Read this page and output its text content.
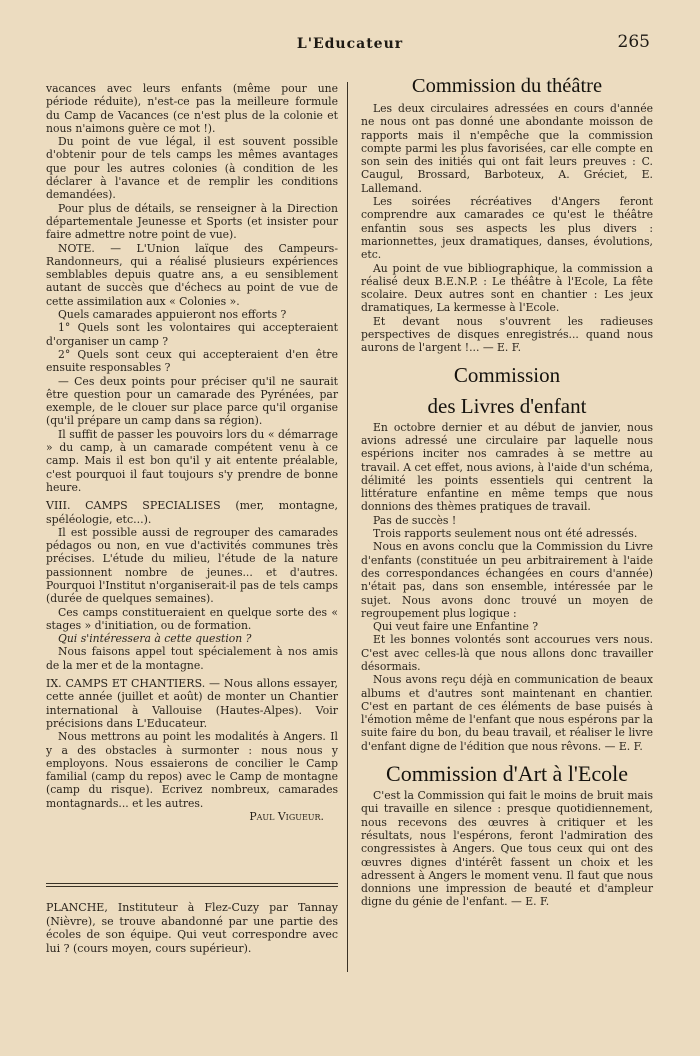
L'Educateur	265

vacances avec leurs enfants (même pour une période réduite), n'est-ce pas la meilleure formule du Camp de Vacances (ce n'est plus de la colonie et nous n'aimons guère ce mot !).

Du point de vue légal, il est souvent possible d'obtenir pour de tels camps les mêmes avantages que pour les autres colonies (à condition de les déclarer à l'avance et de remplir les conditions demandées).

Pour plus de détails, se renseigner à la Direction départementale Jeunesse et Sports (et insister pour faire admettre notre point de vue).

NOTE. — L'Union laïque des Campeurs-Randonneurs, qui a réalisé plusieurs expériences semblables depuis quatre ans, a eu sensiblement autant de succès que d'échecs au point de vue de cette assimilation aux « Colonies ».

Quels camarades appuieront nos efforts ?

1° Quels sont les volontaires qui accepteraient d'organiser un camp ?

2° Quels sont ceux qui accepteraient d'en être ensuite responsables ?

— Ces deux points pour préciser qu'il ne saurait être question pour un camarade des Pyrénées, par exemple, de le clouer sur place parce qu'il organise (qu'il prépare un camp dans sa région).

Il suffit de passer les pouvoirs lors du « démarrage » du camp, à un camarade compétent venu à ce camp. Mais il est bon qu'il y ait entente préalable, c'est pourquoi il faut toujours s'y prendre de bonne heure.

VIII. CAMPS SPECIALISES (mer, montagne, spéléologie, etc...).

Il est possible aussi de regrouper des camarades pédagos ou non, en vue d'activités communes très précises. L'étude du milieu, l'étude de la nature passionnent nombre de jeunes... et d'autres. Pourquoi l'Institut n'organiserait-il pas de tels camps (durée de quelques semaines).

Ces camps constitueraient en quelque sorte des « stages » d'initiation, ou de formation.

Qui s'intéressera à cette question ?

Nous faisons appel tout spécialement à nos amis de la mer et de la montagne.

IX. CAMPS ET CHANTIERS. — Nous allons essayer, cette année (juillet et août) de monter un Chantier international à Vallouise (Hautes-Alpes). Voir précisions dans L'Educateur.

Nous mettrons au point les modalités à Angers. Il y a des obstacles à surmonter : nous nous y employons. Nous essaierons de concilier le Camp familial (camp du repos) avec le Camp de montagne (camp du risque). Ecrivez nombreux, camarades montagnards... et les autres.

Paul Vigueur.

PLANCHE, Instituteur à Flez-Cuzy par Tannay (Nièvre), se trouve abandonné par une partie des écoles de son équipe. Qui veut correspondre avec lui ? (cours moyen, cours supérieur).

Commission du théâtre

Les deux circulaires adressées en cours d'année ne nous ont pas donné une abondante moisson de rapports mais il n'empêche que la commission compte parmi les plus favorisées, car elle compte en son sein des initiés qui ont fait leurs preuves : C. Caugul, Brossard, Barboteux, A. Gréciet, E. Lallemand.

Les soirées récréatives d'Angers feront comprendre aux camarades ce qu'est le théâtre enfantin sous ses aspects les plus divers : marionnettes, jeux dramatiques, danses, évolutions, etc.

Au point de vue bibliographique, la commission a réalisé deux B.E.N.P. : Le théâtre à l'Ecole, La fête scolaire. Deux autres sont en chantier : Les jeux dramatiques, La kermesse à l'Ecole.

Et devant nous s'ouvrent les radieuses perspectives de disques enregistrés... quand nous aurons de l'argent !... — E. F.

Commission

des Livres d'enfant

En octobre dernier et au début de janvier, nous avions adressé une circulaire par laquelle nous espérions inciter nos camrades à se mettre au travail. A cet effet, nous avions, à l'aide d'un schéma, délimité les points essentiels qui centrent la littérature enfantine en même temps que nous donnions des thèmes pratiques de travail.

Pas de succès !

Trois rapports seulement nous ont été adressés.

Nous en avons conclu que la Commission du Livre d'enfants (constituée un peu arbitrairement à l'aide des correspondances échangées en cours d'année) n'était pas, dans son ensemble, intéressée par le sujet. Nous avons donc trouvé un moyen de regroupement plus logique :

Qui veut faire une Enfantine ?

Et les bonnes volontés sont accourues vers nous. C'est avec celles-là que nous allons donc travailler désormais.

Nous avons reçu déjà en communication de beaux albums et d'autres sont maintenant en chantier. C'est en partant de ces éléments de base puisés à l'émotion même de l'enfant que nous espérons par la suite faire du bon, du beau travail, et réaliser le livre d'enfant digne de l'édition que nous rêvons. — E. F.

Commission d'Art à l'Ecole

C'est la Commission qui fait le moins de bruit mais qui travaille en silence : presque quotidiennement, nous recevons des œuvres à critiquer et les résultats, nous l'espérons, feront l'admiration des congressistes à Angers. Que tous ceux qui ont des œuvres dignes d'intérêt fassent un choix et les adressent à Angers le moment venu. Il faut que nous donnions une impression de beauté et d'ampleur digne du génie de l'enfant. — E. F.
